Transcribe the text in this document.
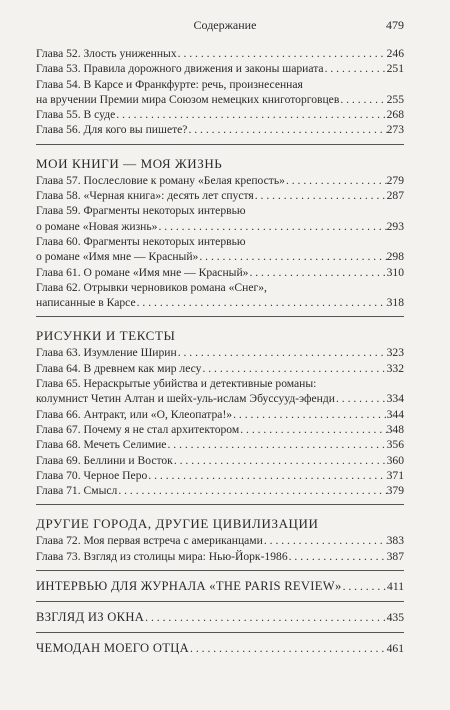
Содержание	479
Глава 52. Злость униженных . . .	246
Глава 53. Правила дорожного движения и законы шариата . . .	251
Глава 54. В Карсе и Франкфурте: речь, произнесенная
на вручении Премии мира Союзом немецких книготорговцев . . .	255
Глава 55. В суде . . .	268
Глава 56. Для кого вы пишете? . . .	273
МОИ КНИГИ — МОЯ ЖИЗНЬ
Глава 57. Послесловие к роману «Белая крепость» . . .	279
Глава 58. «Черная книга»: десять лет спустя . . .	287
Глава 59. Фрагменты некоторых интервью
о романе «Новая жизнь» . . .	293
Глава 60. Фрагменты некоторых интервью
о романе «Имя мне — Красный» . . .	298
Глава 61. О романе «Имя мне — Красный» . . .	310
Глава 62. Отрывки черновиков романа «Снег»,
написанные в Карсе . . .	318
РИСУНКИ И ТЕКСТЫ
Глава 63. Изумление Ширин . . .	323
Глава 64. В древнем как мир лесу . . .	332
Глава 65. Нераскрытые убийства и детективные романы:
колумнист Четин Алтан и шейх-уль-ислам Эбуссууд-эфенди . . .	334
Глава 66. Антракт, или «О, Клеопатра!» . . .	344
Глава 67. Почему я не стал архитектором . . .	348
Глава 68. Мечеть Селимие . . .	356
Глава 69. Беллини и Восток . . .	360
Глава 70. Черное Перо . . .	371
Глава 71. Смысл . . .	379
ДРУГИЕ ГОРОДА, ДРУГИЕ ЦИВИЛИЗАЦИИ
Глава 72. Моя первая встреча с американцами . . .	383
Глава 73. Взгляд из столицы мира: Нью-Йорк-1986 . . .	387
ИНТЕРВЬЮ ДЛЯ ЖУРНАЛА «THE PARIS REVIEW» . . .	411
ВЗГЛЯД ИЗ ОКНА . . .	435
ЧЕМОДАН МОЕГО ОТЦА . . .	461
